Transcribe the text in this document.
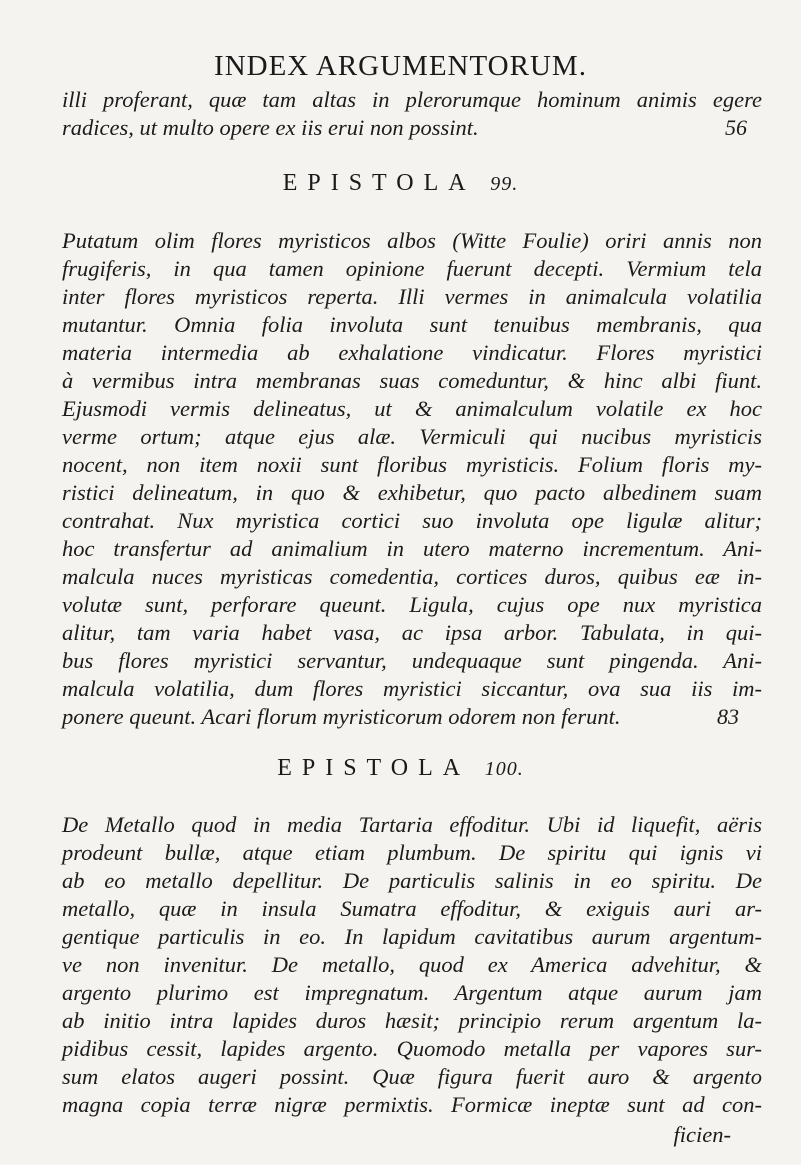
INDEX ARGUMENTORUM.
illi proferant, quæ tam altas in plerorumque hominum animis egere
radices, ut multo opere ex iis erui non possint.	56
EPISTOLA 99.
Putatum olim flores myristicos albos (Witte Foulie) oriri annis non
frugiferis, in qua tamen opinione fuerunt decepti. Vermium tela
inter flores myristicos reperta. Illi vermes in animalcula volatilia
mutantur. Omnia folia involuta sunt tenuibus membranis, qua
materia intermedia ab exhalatione vindicatur. Flores myristici
à vermibus intra membranas suas comeduntur, & hinc albi fiunt.
Ejusmodi vermis delineatus, ut & animalculum volatile ex hoc
verme ortum; atque ejus alæ. Vermiculi qui nucibus myristicis
nocent, non item noxii sunt floribus myristicis. Folium floris my-
ristici delineatum, in quo & exhibetur, quo pacto albedinem suam
contrahat. Nux myristica cortici suo involuta ope ligulæ alitur;
hoc transfertur ad animalium in utero materno incrementum. Ani-
malcula nuces myristicas comedentia, cortices duros, quibus eæ in-
volutæ sunt, perforare queunt. Ligula, cujus ope nux myristica
alitur, tam varia habet vasa, ac ipsa arbor. Tabulata, in qui-
bus flores myristici servantur, undequaque sunt pingenda. Ani-
malcula volatilia, dum flores myristici siccantur, ova sua iis im-
ponere queunt. Acari florum myristicorum odorem non ferunt.	83
EPISTOLA 100.
De Metallo quod in media Tartaria effoditur. Ubi id liquefit, aëris
prodeunt bullæ, atque etiam plumbum. De spiritu qui ignis vi
ab eo metallo depellitur. De particulis salinis in eo spiritu. De
metallo, quæ in insula Sumatra effoditur, & exiguis auri ar-
gentique particulis in eo. In lapidum cavitatibus aurum argentum-
ve non invenitur. De metallo, quod ex America advehitur, &
argento plurimo est impregnatum. Argentum atque aurum jam
ab initio intra lapides duros hæsit; principio rerum argentum la-
pidibus cessit, lapides argento. Quomodo metalla per vapores sur-
sum elatos augeri possint. Quæ figura fuerit auro & argento
magna copia terræ nigræ permixtis. Formicæ ineptæ sunt ad con-
ficien-
